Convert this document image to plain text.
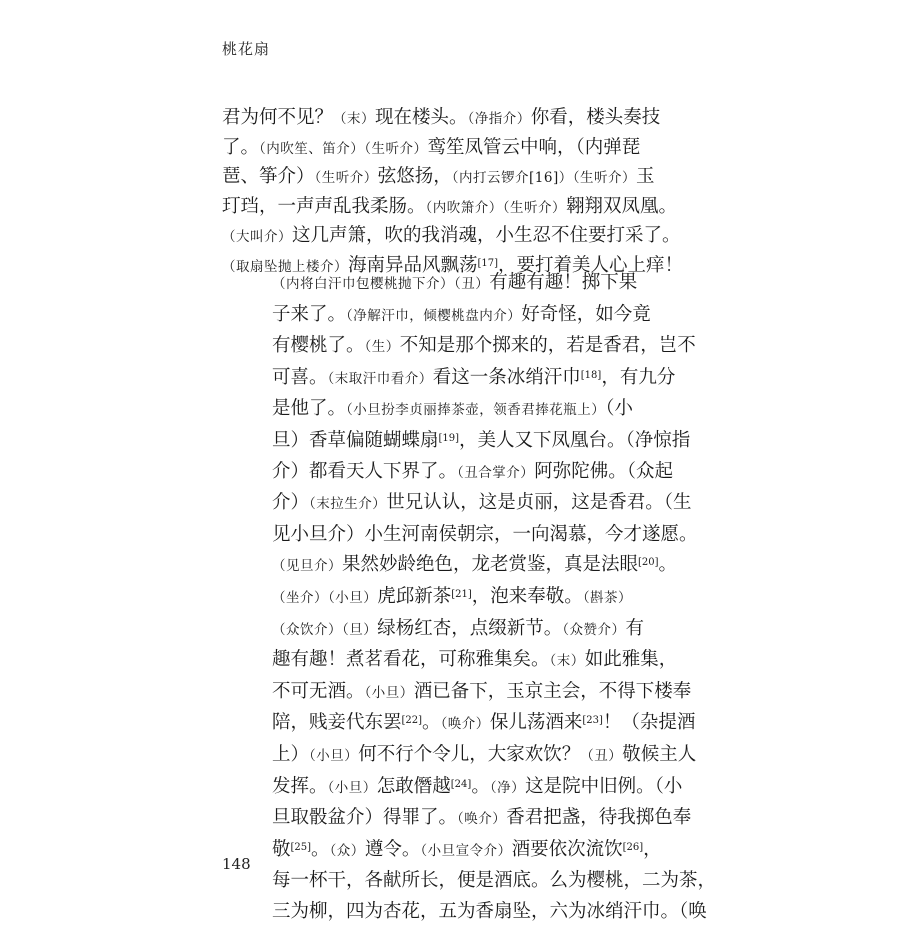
桃花扇
君为何不见？（末）现在楼头。（净指介）你看，楼头奏技
了。（内吹笙、笛介）（生听介）鸾笙凤管云中响，（内弹琵
琶、筝介）（生听介）弦悠扬，（内打云锣介[16]）（生听介）玉
玎珰，一声声乱我柔肠。（内吹箫介）（生听介）翱翔双凤凰。
（大叫介）这几声箫，吹的我消魂，小生忍不住要打采了。
（取扇坠抛上楼介）海南异品风飘荡[17]，要打着美人心上痒！
（内将白汗巾包樱桃抛下介）（丑）有趣有趣！掷下果
子来了。（净解汗巾，倾樱桃盘内介）好奇怪，如今竟
有樱桃了。（生）不知是那个掷来的，若是香君，岂不
可喜。（末取汗巾看介）看这一条冰绡汗巾[18]，有九分
是他了。（小旦扮李贞丽捧茶壶，领香君捧花瓶上）（小
旦）香草偏随蝴蝶扇[19]，美人又下凤凰台。（净惊指
介）都看天人下界了。（丑合掌介）阿弥陀佛。（众起
介）（末拉生介）世兄认认，这是贞丽，这是香君。（生
见小旦介）小生河南侯朝宗，一向渴慕，今才遂愿。
（见旦介）果然妙龄绝色，龙老赏鉴，真是法眼[20]。
（坐介）（小旦）虎邱新茶[21]，泡来奉敬。（斟茶）
（众饮介）（旦）绿杨红杏，点缀新节。（众赞介）有
趣有趣！煮茗看花，可称雅集矣。（末）如此雅集，
不可无酒。（小旦）酒已备下，玉京主会，不得下楼奉
陪，贱妾代东罢[22]。（唤介）保儿荡酒来[23]！（杂提酒
上）（小旦）何不行个令儿，大家欢饮？（丑）敬候主人
发挥。（小旦）怎敢僭越[24]。（净）这是院中旧例。（小
旦取骰盆介）得罪了。（唤介）香君把盏，待我掷色奉
敬[25]。（众）遵令。（小旦宣令介）酒要依次流饮[26]，
每一杯干，各献所长，便是酒底。么为樱桃，二为茶，
三为柳，四为杏花，五为香扇坠，六为冰绡汗巾。（唤
148
